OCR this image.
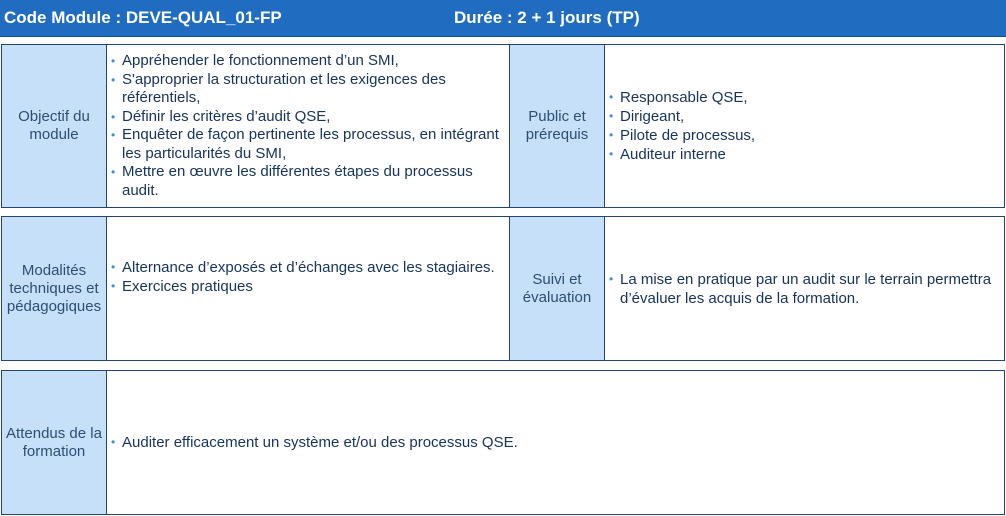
Code Module : DEVE-QUAL_01-FP	Durée : 2 + 1 jours (TP)
Objectif du module
• Appréhender le fonctionnement d’un SMI,
• S'approprier la structuration et les exigences des référentiels,
• Définir les critères d’audit QSE,
• Enquêter de façon pertinente les processus, en intégrant les particularités du SMI,
• Mettre en œuvre les différentes étapes du processus audit.
Public et prérequis
• Responsable QSE,
• Dirigeant,
• Pilote de processus,
• Auditeur interne
Modalités techniques et pédagogiques
• Alternance d’exposés et d’échanges avec les stagiaires.
• Exercices pratiques	Suivi et évaluation
• La mise en pratique par un audit sur le terrain permettra d’évaluer les acquis de la formation.
Attendus de la formation
•	Auditer efficacement un système et/ou des processus QSE.
